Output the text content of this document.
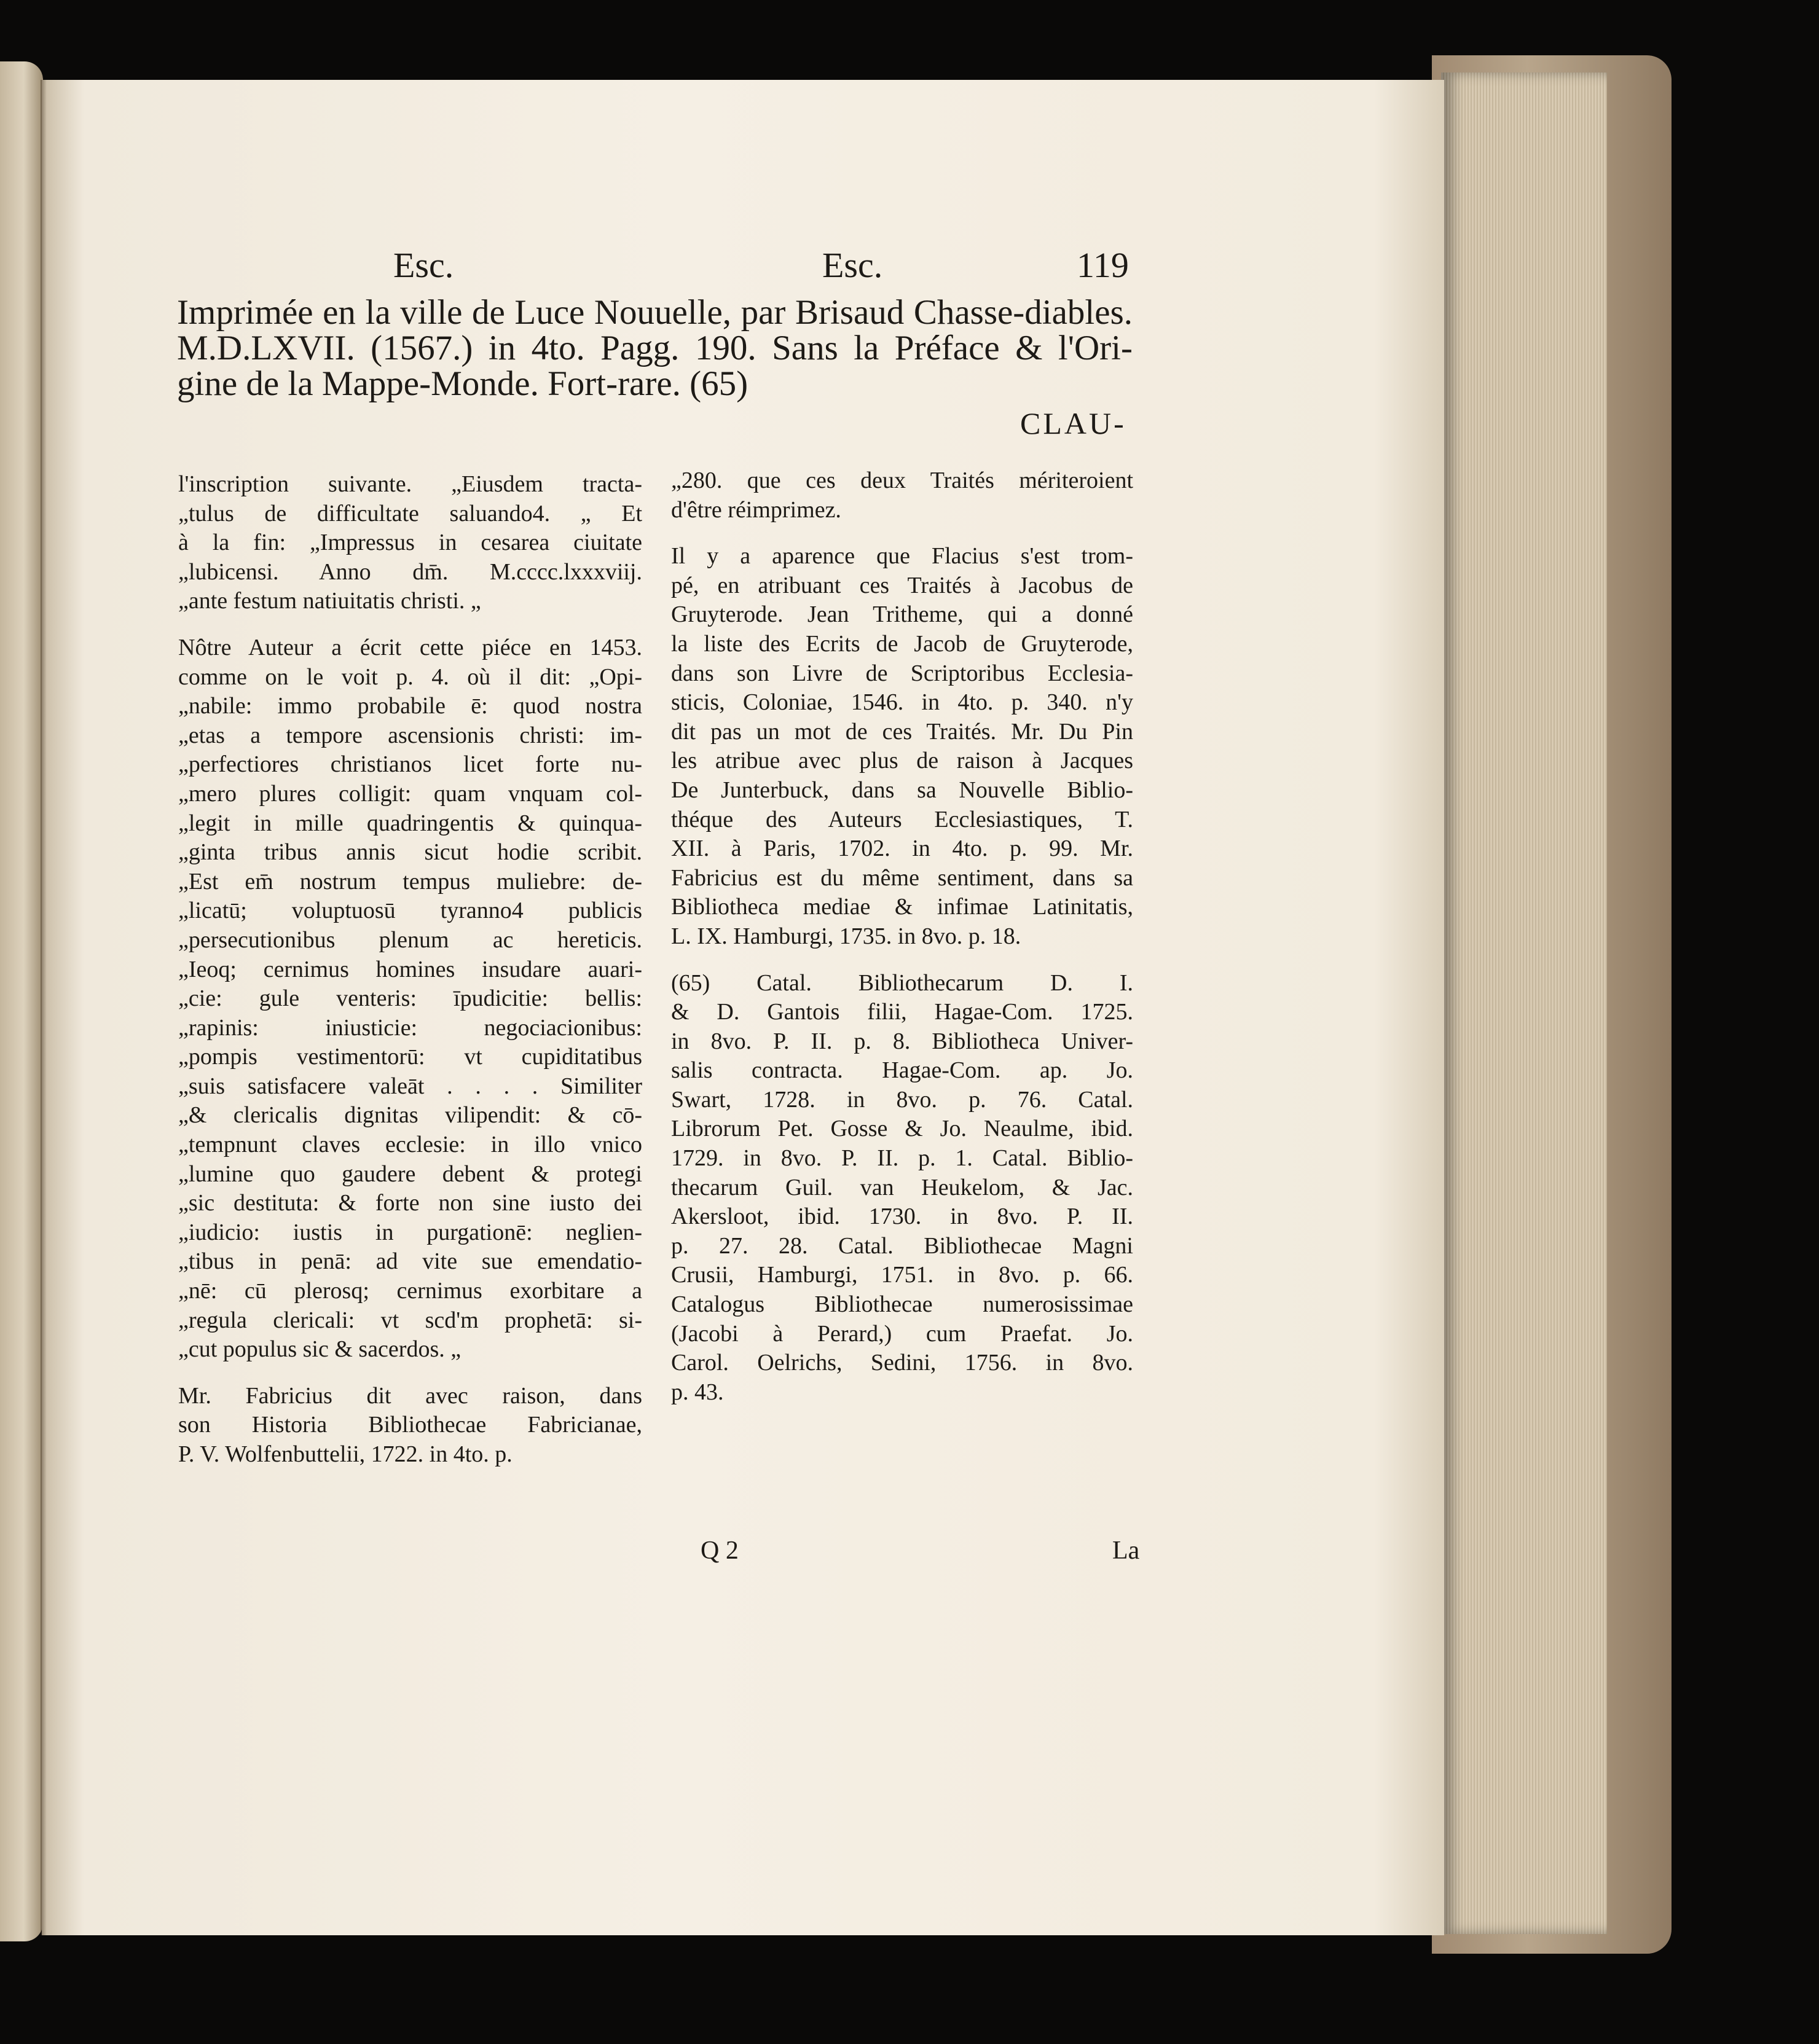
Esc.	Esc.	119
Imprimée en la ville de Luce Nouuelle, par Brisaud Chasse-diables.
M.D.LXVII. (1567.) in 4to. Pagg. 190. Sans la Préface & l'Ori-
gine de la Mappe-Monde. Fort-rare. (65)
CLAU-
l'inscription suivante. „Eiusdem tracta-
„tulus de difficultate saluando4. „ Et
à la fin: „Impressus in cesarea ciuitate
„lubicensi. Anno dm̄. M.cccc.lxxxviij.
„ante festum natiuitatis christi. „
Nôtre Auteur a écrit cette piéce en 1453.
comme on le voit p. 4. où il dit: „Opi-
„nabile: immo probabile ē: quod nostra
„etas a tempore ascensionis christi: im-
„perfectiores christianos licet forte nu-
„mero plures colligit: quam vnquam col-
„legit in mille quadringentis & quinqua-
„ginta tribus annis sicut hodie scribit.
„Est em̄ nostrum tempus muliebre: de-
„licatū; voluptuosū tyranno4 publicis
„persecutionibus plenum ac hereticis.
„Ieoq; cernimus homines insudare auari-
„cie: gule venteris: īpudicitie: bellis:
„rapinis: iniusticie: negociacionibus:
„pompis vestimentorū: vt cupiditatibus
„suis satisfacere valeāt . . . . Similiter
„& clericalis dignitas vilipendit: & cō-
„tempnunt claves ecclesie: in illo vnico
„lumine quo gaudere debent & protegi
„sic destituta: & forte non sine iusto dei
„iudicio: iustis in purgationē: neglien-
„tibus in penā: ad vite sue emendatio-
„nē: cū plerosq; cernimus exorbitare a
„regula clericali: vt scd'm prophetā: si-
„cut populus sic & sacerdos. „
Mr. Fabricius dit avec raison, dans
son Historia Bibliothecae Fabricianae,
P. V. Wolfenbuttelii, 1722. in 4to. p.
„280. que ces deux Traités mériteroient
d'être réimprimez.
Il y a aparence que Flacius s'est trom-
pé, en atribuant ces Traités à Jacobus de
Gruyterode. Jean Tritheme, qui a donné
la liste des Ecrits de Jacob de Gruyterode,
dans son Livre de Scriptoribus Ecclesia-
sticis, Coloniae, 1546. in 4to. p. 340. n'y
dit pas un mot de ces Traités. Mr. Du Pin
les atribue avec plus de raison à Jacques
De Junterbuck, dans sa Nouvelle Biblio-
théque des Auteurs Ecclesiastiques, T.
XII. à Paris, 1702. in 4to. p. 99. Mr.
Fabricius est du même sentiment, dans sa
Bibliotheca mediae & infimae Latinitatis,
L. IX. Hamburgi, 1735. in 8vo. p. 18.
(65) Catal. Bibliothecarum D. I.
& D. Gantois filii, Hagae-Com. 1725.
in 8vo. P. II. p. 8. Bibliotheca Univer-
salis contracta. Hagae-Com. ap. Jo.
Swart, 1728. in 8vo. p. 76. Catal.
Librorum Pet. Gosse & Jo. Neaulme, ibid.
1729. in 8vo. P. II. p. 1. Catal. Biblio-
thecarum Guil. van Heukelom, & Jac.
Akersloot, ibid. 1730. in 8vo. P. II.
p. 27. 28. Catal. Bibliothecae Magni
Crusii, Hamburgi, 1751. in 8vo. p. 66.
Catalogus Bibliothecae numerosissimae
(Jacobi à Perard,) cum Praefat. Jo.
Carol. Oelrichs, Sedini, 1756. in 8vo.
p. 43.
Q 2	La
